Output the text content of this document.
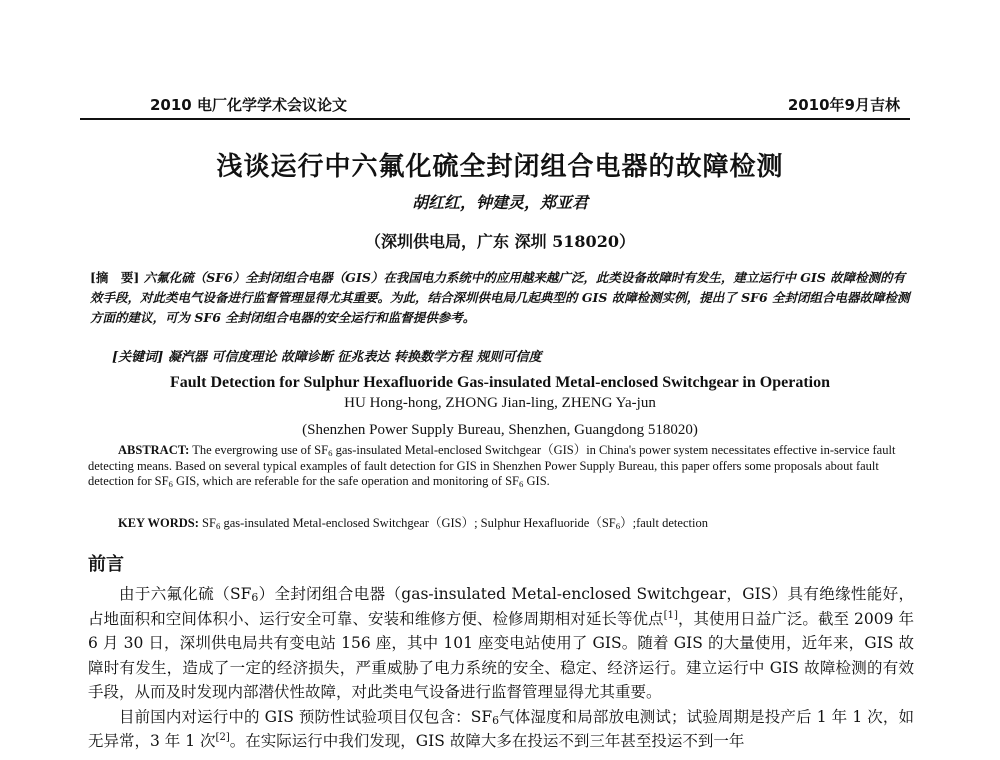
2010 电厂化学学术会议论文	2010年9月吉林
浅谈运行中六氟化硫全封闭组合电器的故障检测
胡红红，钟建灵，郑亚君
（深圳供电局，广东 深圳 518020）
[摘　要] 六氟化硫（SF6）全封闭组合电器（GIS）在我国电力系统中的应用越来越广泛，此类设备故障时有发生，建立运行中 GIS 故障检测的有效手段，对此类电气设备进行监督管理显得尤其重要。为此，结合深圳供电局几起典型的 GIS 故障检测实例，提出了 SF6 全封闭组合电器故障检测方面的建议，可为 SF6 全封闭组合电器的安全运行和监督提供参考。
[关键词] 凝汽器 可信度理论 故障诊断 征兆表达 转换数学方程 规则可信度
Fault Detection for Sulphur Hexafluoride Gas-insulated Metal-enclosed Switchgear in Operation
HU Hong-hong, ZHONG Jian-ling, ZHENG Ya-jun
(Shenzhen Power Supply Bureau, Shenzhen, Guangdong 518020)
ABSTRACT: The evergrowing use of $SF_6$ gas-insulated Metal-enclosed Switchgear（GIS）in China's power system necessitates effective in-service fault detecting means. Based on several typical examples of fault detection for GIS in Shenzhen Power Supply Bureau, this paper offers some proposals about fault detection for $SF_6$ GIS, which are referable for the safe operation and monitoring of $SF_6$ GIS.
KEY WORDS: $SF_6$ gas-insulated Metal-enclosed Switchgear（GIS）; Sulphur $Hexafluoride(SF_6);fault$ detection
前言

由于六氟化硫$(SF_6)$全封闭组合电器（gas-insulated Metal-enclosed Switchgear，GIS）具有绝缘性能好，占地面积和空间体积小、运行安全可靠、安装和维修方便、检修周期相对延长等优点[1]，其使用日益广泛。截至 2009 年 6 月 30 日，深圳供电局共有变电站 156 座，其中 101 座变电站使用了 GIS。随着 GIS 的大量使用，近年来，GIS 故障时有发生，造成了一定的经济损失，严重威胁了电力系统的安全、稳定、经济运行。建立运行中 GIS 故障检测的有效手段，从而及时发现内部潜伏性故障，对此类电气设备进行监督管理显得尤其重要。

目前国内对运行中的 GIS 预防性试验项目仅包含：$SF_6$气体湿度和局部放电测试；试验周期是投产后 1 年 1 次，如无异常，3 年 1 次[2]。在实际运行中我们发现，GIS 故障大多在投运不到三年甚至投运不到一年
